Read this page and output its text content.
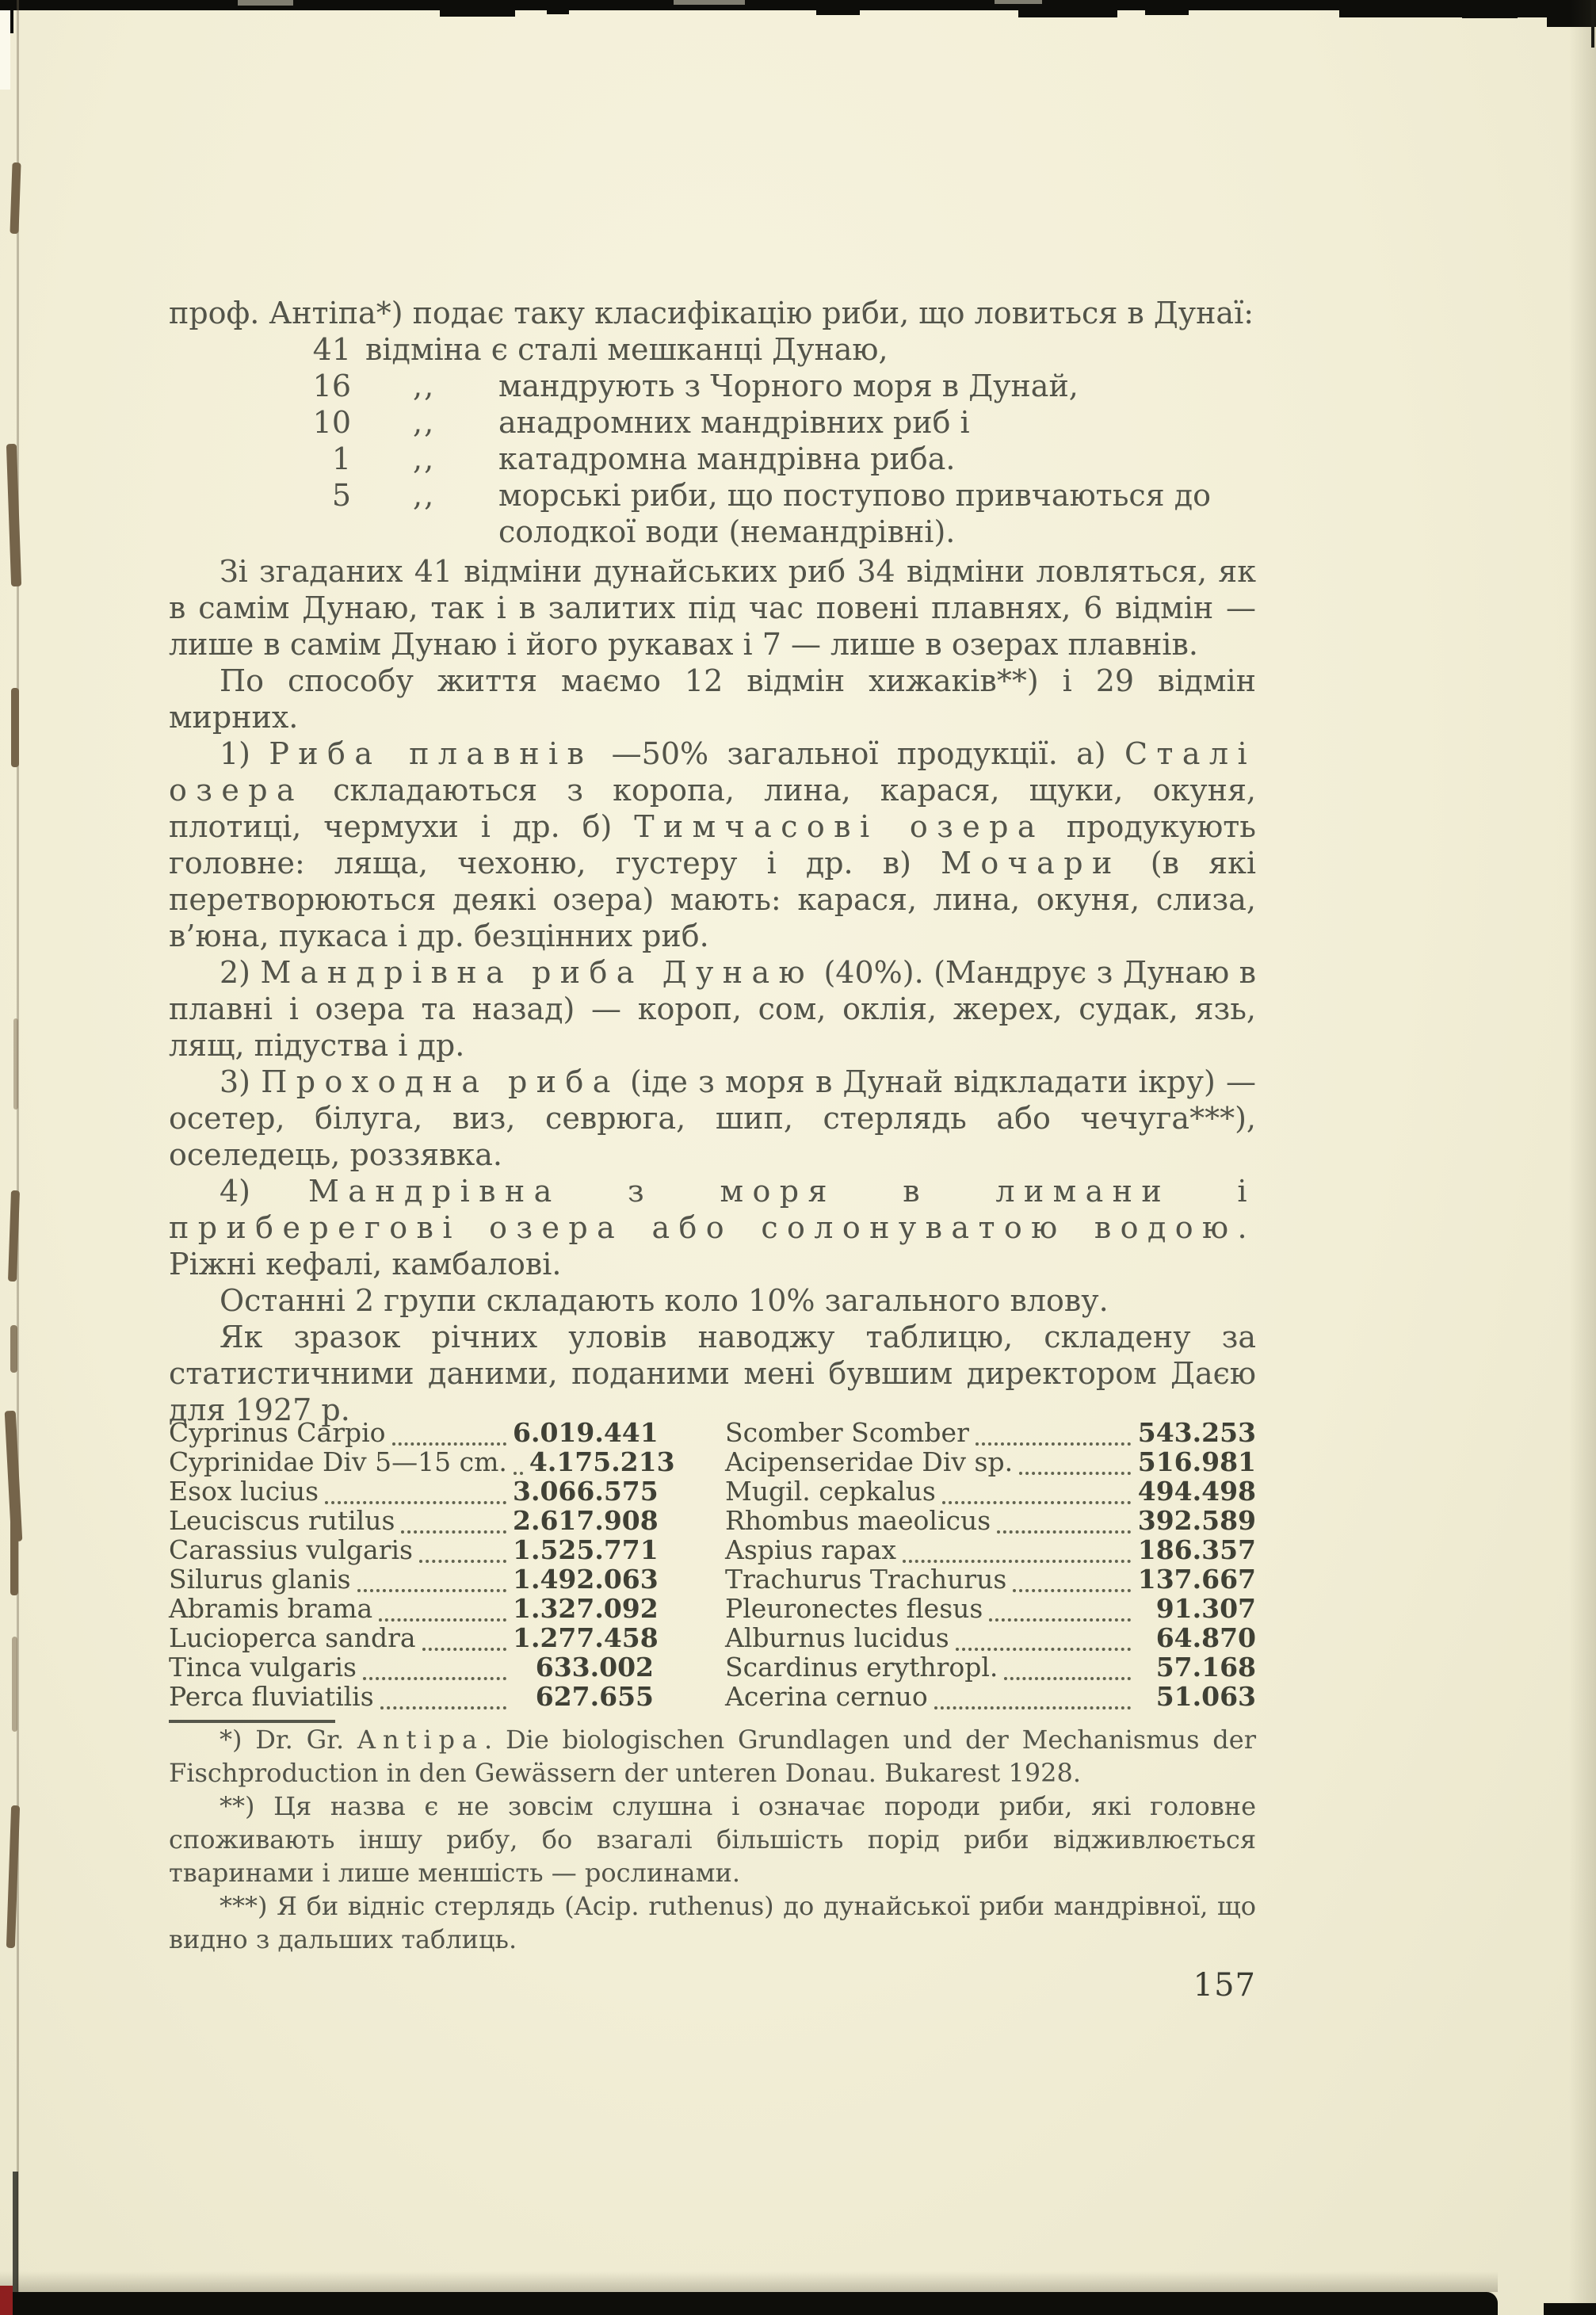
проф. Антіпа*) подає таку класифікацію риби, що ловиться в Дунаї:

41 відміна є сталі мешканці Дунаю,
16	,,	мандрують з Чорного моря в Дунай,
10	,,	анадромних мандрівних риб і
1	,,	катадромна мандрівна риба.
5	,,	морські риби, що поступово привчаються до солодкої води (немандрівні).

Зі згаданих 41 відміни дунайських риб 34 відміни ловляться, як в самім Дунаю, так і в залитих під час повені плавнях, 6 відмін — лише в самім Дунаю і його рукавах і 7 — лише в озерах плавнів.

По способу життя маємо 12 відмін хижаків**) і 29 відмін мирних.

1) Риба плавнів —50% загальної продукції. а) Сталі озера складаються з коропа, лина, карася, щуки, окуня, плотиці, чермухи і др. б) Тимчасові озера продукують головне: ляща, чехоню, густеру і др. в) Мочари (в які перетворюються деякі озера) мають: карася, лина, окуня, слиза, в’юна, пукаса і др. безцінних риб.

2) Мандрівна риба Дунаю (40%). (Мандрує з Дунаю в плавні і озера та назад) — короп, сом, оклія, жерех, судак, язь, лящ, підуства і др.

3) Проходна риба (іде з моря в Дунай відкладати ікру) — осетер, білуга, виз, севрюга, шип, стерлядь або чечуга***), оселедець, роззявка.

4) Мандрівна з моря в лимани і приберегові озера або солонуватою водою. Ріжні кефалі, камбалові.

Останні 2 групи складають коло 10% загального влову.

Як зразок річних уловів наводжу таблицю, складену за статистичними даними, поданими мені бувшим директором Даєю для 1927 р.

Cyprinus Carpio	6.019.441
Cyprinidae Div 5—15 cm. 4.175.213
Esox lucius	3.066.575
Leuciscus rutilus	2.617.908
Carassius vulgaris	1.525.771
Silurus glanis	1.492.063
Abramis brama	1.327.092
Lucioperca sandra	1.277.458
Tinca vulgaris	633.002
Perca fluviatilis	627.655
Scomber Scomber	543.253
Acipenseridae Div sp.	516.981
Mugil. cepkalus	494.498
Rhombus maeolicus	392.589
Aspius rapax	186.357
Trachurus Trachurus	137.667
Pleuronectes flesus	91.307
Alburnus lucidus	64.870
Scardinus erythropl.	57.168
Acerina cernuo	51.063

*) Dr. Gr. Antipa. Die biologischen Grundlagen und der Mechanismus der Fischproduction in den Gewässern der unteren Donau. Bukarest 1928.

**) Ця назва є не зовсім слушна і означає породи риби, які головне споживають іншу рибу, бо взагалі більшість порід риби відживлюється тваринами і лише меншість — рослинами.

***) Я би відніс стерлядь (Acip. ruthenus) до дунайської риби мандрівної, що видно з дальших таблиць.

157
